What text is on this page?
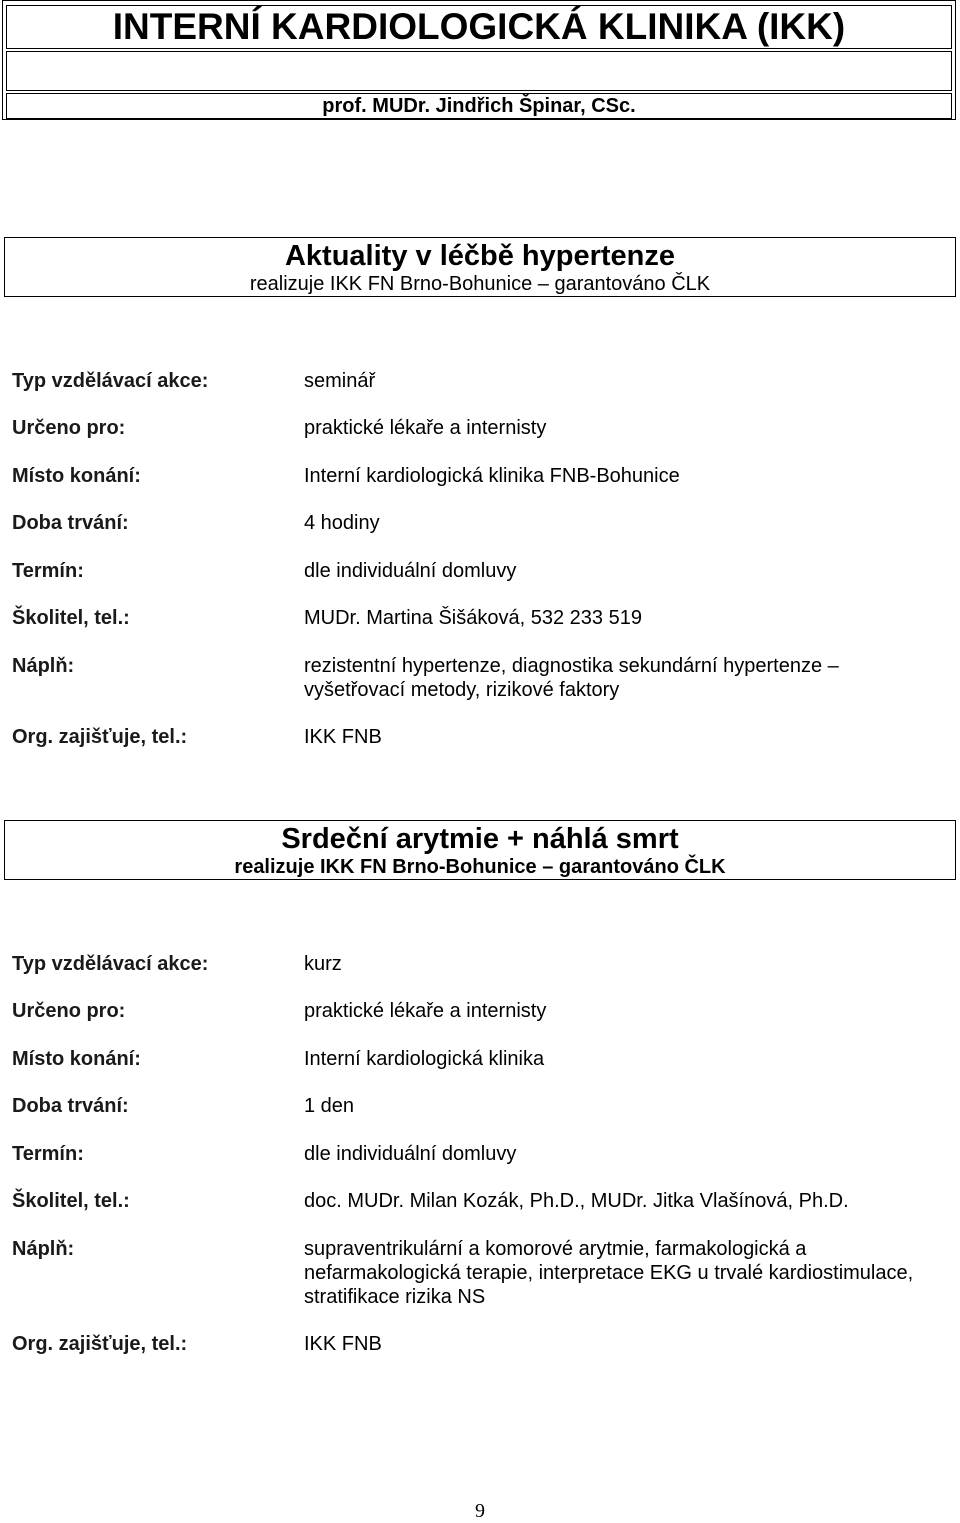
INTERNÍ KARDIOLOGICKÁ KLINIKA (IKK)
prof. MUDr. Jindřich Špinar, CSc.
Aktuality v léčbě hypertenze
realizuje IKK FN Brno-Bohunice – garantováno ČLK
Typ vzdělávací akce:	seminář
Určeno pro:	praktické lékaře a internisty
Místo konání:	Interní kardiologická klinika FNB-Bohunice
Doba trvání:	4 hodiny
Termín:	dle individuální domluvy
Školitel, tel.:	MUDr. Martina Šišáková, 532 233 519
Náplň:	rezistentní hypertenze, diagnostika sekundární hypertenze – vyšetřovací metody, rizikové faktory
Org. zajišťuje, tel.:	IKK FNB
Srdeční arytmie + náhlá smrt
realizuje IKK FN Brno-Bohunice – garantováno ČLK
Typ vzdělávací akce:	kurz
Určeno pro:	praktické lékaře a internisty
Místo konání:	Interní kardiologická klinika
Doba trvání:	1 den
Termín:	dle individuální domluvy
Školitel, tel.:	doc. MUDr. Milan Kozák, Ph.D., MUDr. Jitka Vlašínová, Ph.D.
Náplň:	supraventrikulární a komorové arytmie, farmakologická a nefarmakologická terapie, interpretace EKG u trvalé kardiostimulace, stratifikace rizika NS
Org. zajišťuje, tel.:	IKK FNB
9
